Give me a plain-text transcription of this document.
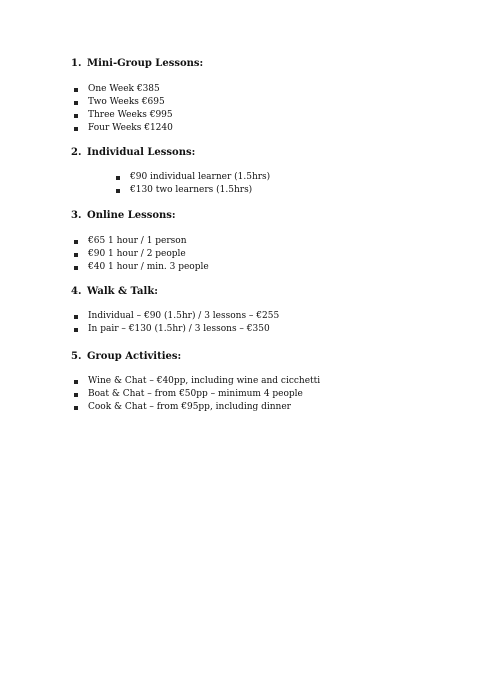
1. Mini-Group Lessons:
One Week €385
Two Weeks €695
Three Weeks €995
Four Weeks €1240
2. Individual Lessons:
€90 individual learner (1.5hrs)
€130 two learners (1.5hrs)
3. Online Lessons:
€65 1 hour / 1 person
€90 1 hour / 2 people
€40 1 hour / min. 3 people
4. Walk & Talk:
Individual – €90 (1.5hr) / 3 lessons – €255
In pair – €130 (1.5hr) / 3 lessons – €350
5. Group Activities:
Wine & Chat – €40pp, including wine and cicchetti
Boat & Chat – from €50pp – minimum 4 people
Cook & Chat – from €95pp, including dinner
